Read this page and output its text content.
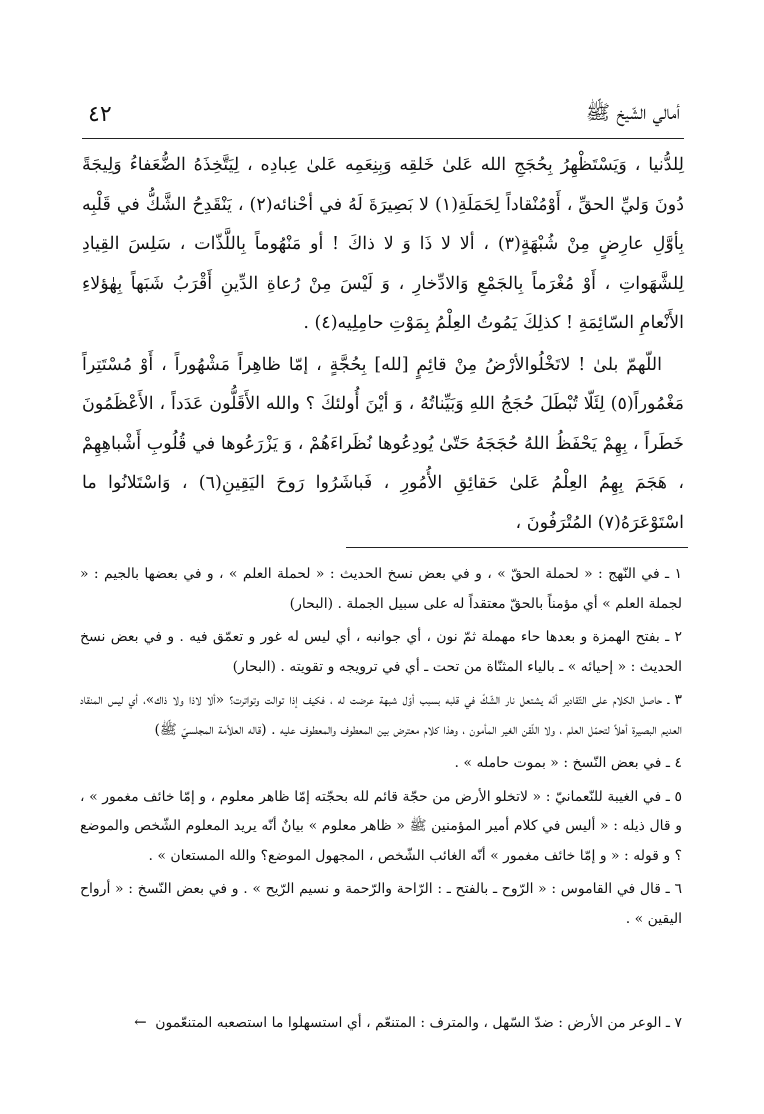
٤٢	أمالي الشّيخ ﷺ

لِلدُّنيا ، وَيَسْتَظْهِرُ بِحُجَجِ الله عَلىٰ خَلقِه وَبِنِعَمِه عَلىٰ عِبادِه ، لِيَتَّخِذَهُ الضُّعَفاءُ وَلِيجَةً دُونَ وَليِّ الحقِّ ، أَوْمُنْقاداً لِحَمَلَةِ(١) لا بَصِيرَةَ لَهُ في أحْنائه(٢) ، يَنْقَدِحُ الشَّكُّ في قَلْبِه بِأوَّلِ عارِضٍ مِنْ شُبْهَةٍ(٣) ، ألا لا ذَا وَ لا ذاكَ ! أو مَنْهُوماً بِاللَّذّات ، سَلِسَ القِيادِ لِلشَّهَواتِ ، أَوْ مُغْرَماً بِالجَمْعِ وَالادِّخارِ ، وَ لَيْسَ مِنْ رُعاةِ الدِّينِ أَقْرَبُ شَبَهاً بِهٰؤلاءِ الأَنْعامِ السّائِمَةِ ! كذلِكَ يَمُوتُ العِلْمُ بِمَوْتِ حامِلِيه(٤) .

اللّهمّ بلىٰ ! لاتَخْلُوالأرْضُ مِنْ قائِمٍ [لله] بِحُجَّةٍ ، إمّا ظاهِراً مَشْهُوراً ، أَوْ مُسْتَتِراً مَغْمُوراً(٥) لِئَلّا تُبْطَلَ حُجَجُ اللهِ وَبَيِّناتُهُ ، وَ أيْنَ أُولئكَ ؟ والله الأَقَلُّون عَدَداً ، الأَعْظَمُونَ خَطَراً ، بِهِمْ يَحْفَظُ اللهُ حُجَجَهُ حَتّىٰ يُودِعُوها نُظَراءَهُمْ ، وَ يَزْرَعُوها في قُلُوبِ أَشْباهِهِمْ ، هَجَمَ بِهِمُ العِلْمُ عَلىٰ حَقائِقِ الأُمُورِ ، فَباشَرُوا رَوحَ اليَقِينِ(٦) ، وَاسْتَلانُوا ما اسْتَوْعَرَهُ(٧) المُتْرَفُونَ ،

١ ـ في النّهج : « لحملة الحقّ » ، و في بعض نسخ الحديث : « لحملة العلم » ، و في بعضها بالجيم : « لجملة العلم » أي مؤمناً بالحقّ معتقداً له على سبيل الجملة . (البحار)

٢ ـ بفتح الهمزة و بعدها حاء مهملة ثمّ نون ، أي جوانبه ، أي ليس له غور و تعمّق فيه . و في بعض نسخ الحديث : « إحيائه » ـ بالياء المثنّاة من تحت ـ أي في ترويجه و تقويته . (البحار)

٣ ـ حاصل الكلام على التّقادير أنّه يشتعل نار الشّكّ في قلبه بسبب أوّل شبهة عرضت له ، فكيف إذا توالت وتواترت؟ «ألا لاذا ولا ذاك»، أي ليس المنقاد العديم البصيرة أهلاً لتحمّل العلم ، ولا اللّقن الغير المأمون ، وهذا كلام معترض بين المعطوف والمعطوف عليه . (قاله العلاّمة المجلسيّ ﷺ)

٤ ـ في بعض النّسخ : « بموت حامله » .

٥ ـ في الغيبة للنّعمانيّ : « لاتخلو الأرض من حجّة قائم لله بحجّته إمّا ظاهر معلوم ، و إمّا خائف مغمور » ، و قال ذيله : « أليس في كلام أمير المؤمنين ﷺ « ظاهر معلوم » بيانٌ أنّه يريد المعلوم الشّخص والموضع ؟ و قوله : « و إمّا خائف مغمور » أنّه الغائب الشّخص ، المجهول الموضع؟ والله المستعان » .

٦ ـ قال في القاموس : « الرّوح ـ بالفتح ـ : الرّاحة والرّحمة و نسيم الرّيح » . و في بعض النّسخ : « أرواح اليقين » .

٧ ـ الوعر من الأرض : ضدّ السّهل ، والمترف : المتنعّم ، أي استسهلوا ما استصعبه المتنعّمون ←
